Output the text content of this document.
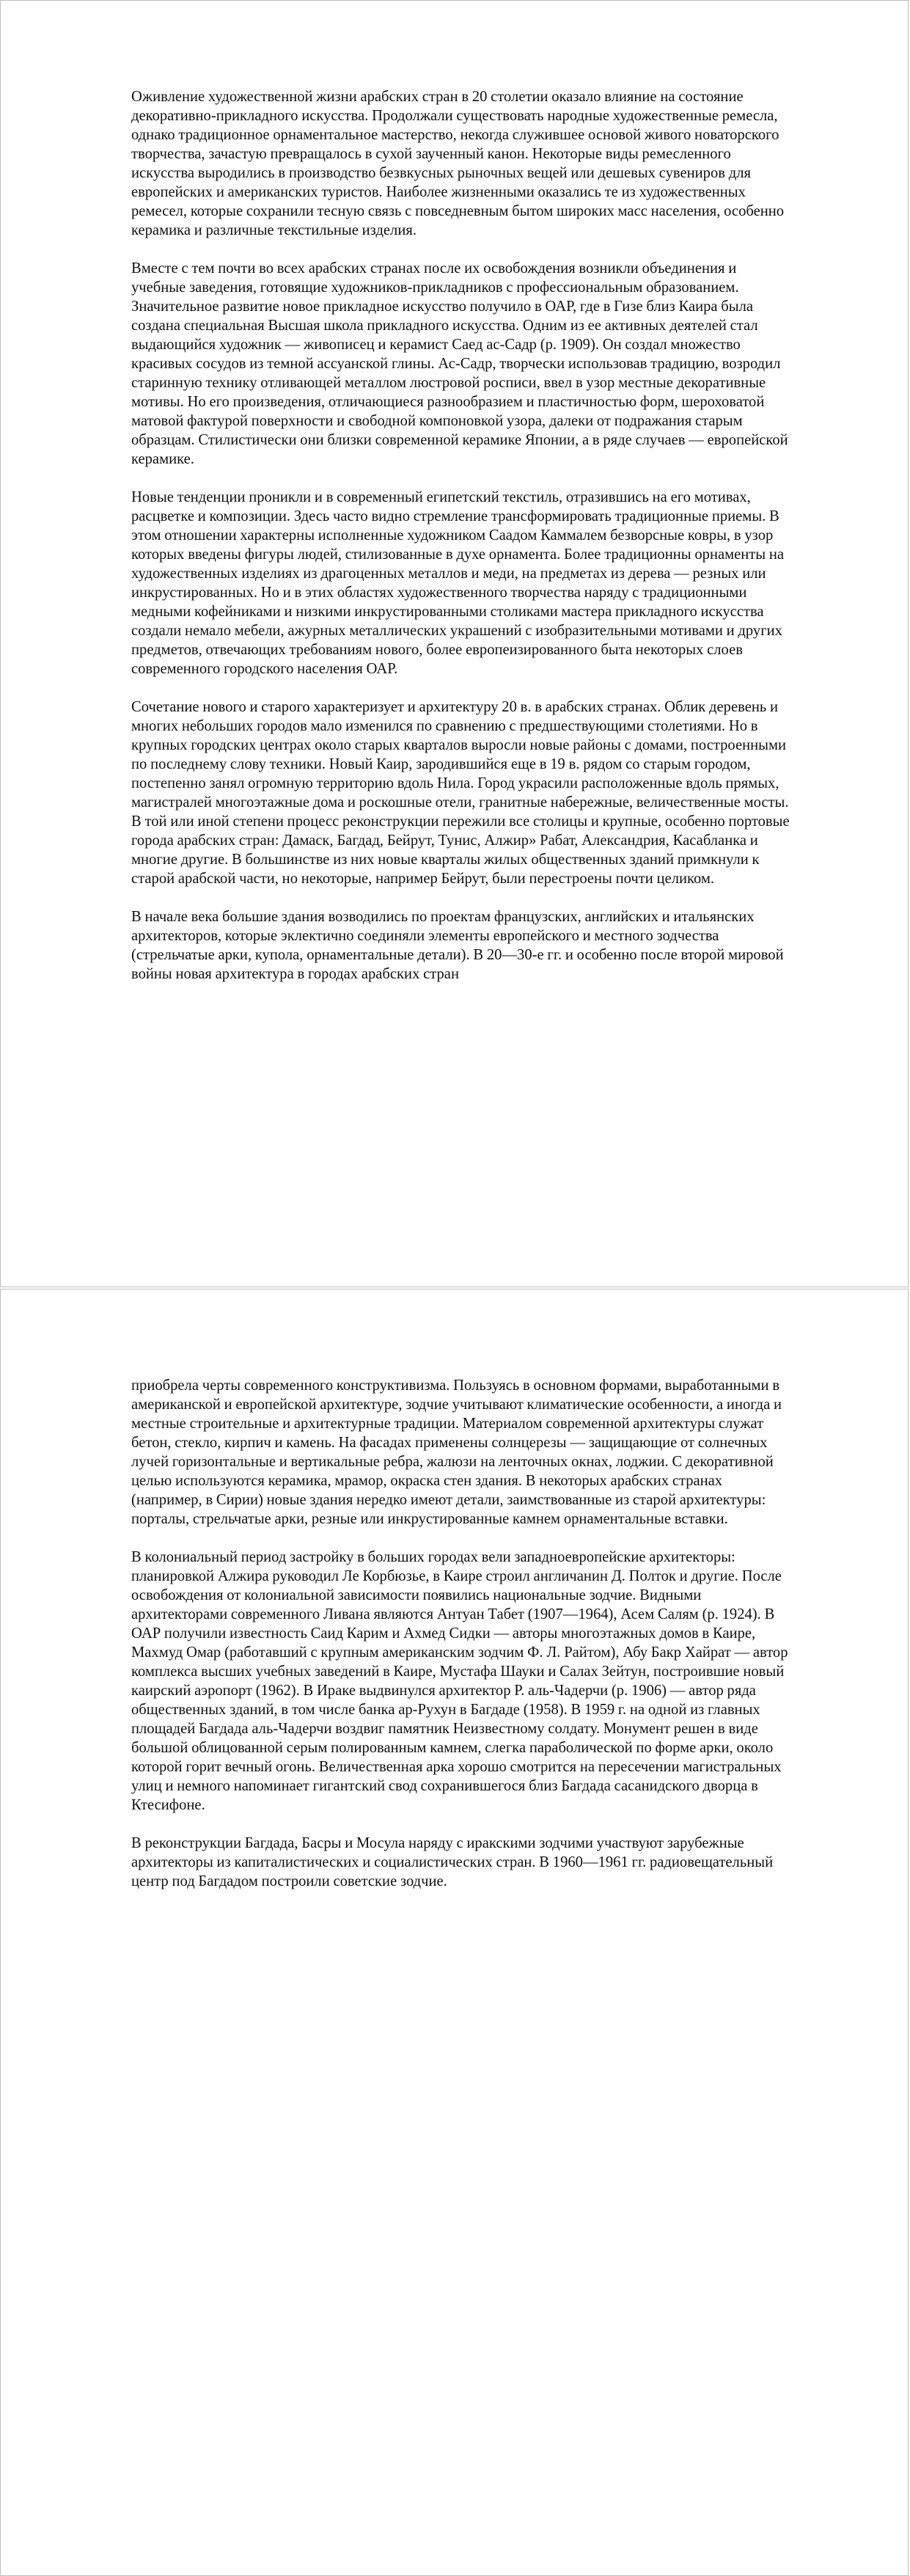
Оживление художественной жизни арабских стран в 20 столетии оказало влияние на состояние декоративно-прикладного искусства. Продолжали существовать народные художественные ремесла, однако традиционное орнаментальное мастерство, некогда служившее основой живого новаторского творчества, зачастую превращалось в сухой заученный канон. Некоторые виды ремесленного искусства выродились в производство безвкусных рыночных вещей или дешевых сувениров для европейских и американских туристов. Наиболее жизненными оказались те из художественных ремесел, которые сохранили тесную связь с повседневным бытом широких масс населения, особенно керамика и различные текстильные изделия.

Вместе с тем почти во всех арабских странах после их освобождения возникли объединения и учебные заведения, готовящие художников-прикладников с профессиональным образованием. Значительное развитие новое прикладное искусство получило в ОАР, где в Гизе близ Каира была создана специальная Высшая школа прикладного искусства. Одним из ее активных деятелей стал выдающийся художник — живописец и керамист Саед ас-Садр (р. 1909). Он создал множество красивых сосудов из темной ассуанской глины. Ас-Садр, творчески использовав традицию, возродил старинную технику отливающей металлом люстровой росписи, ввел в узор местные декоративные мотивы. Но его произведения, отличающиеся разнообразием и пластичностью форм, шероховатой матовой фактурой поверхности и свободной компоновкой узора, далеки от подражания старым образцам. Стилистически они близки современной керамике Японии, а в ряде случаев — европейской керамике.

Новые тенденции проникли и в современный египетский текстиль, отразившись на его мотивах, расцветке и композиции. Здесь часто видно стремление трансформировать традиционные приемы. В этом отношении характерны исполненные художником Саадом Каммалем безворсные ковры, в узор которых введены фигуры людей, стилизованные в духе орнамента. Более традиционны орнаменты на художественных изделиях из драгоценных металлов и меди, на предметах из дерева — резных или инкрустированных. Но и в этих областях художественного творчества наряду с традиционными медными кофейниками и низкими инкрустированными столиками мастера прикладного искусства создали немало мебели, ажурных металлических украшений с изобразительными мотивами и других предметов, отвечающих требованиям нового, более европеизированного быта некоторых слоев современного городского населения ОАР.

Сочетание нового и старого характеризует и архитектуру 20 в. в арабских странах. Облик деревень и многих небольших городов мало изменился по сравнению с предшествующими столетиями. Но в крупных городских центрах около старых кварталов выросли новые районы с домами, построенными по последнему слову техники. Новый Каир, зародившийся еще в 19 в. рядом со старым городом, постепенно занял огромную территорию вдоль Нила. Город украсили расположенные вдоль прямых, магистралей многоэтажные дома и роскошные отели, гранитные набережные, величественные мосты. В той или иной степени процесс реконструкции пережили все столицы и крупные, особенно портовые города арабских стран: Дамаск, Багдад, Бейрут, Тунис, Алжир» Рабат, Александрия, Касабланка и многие другие. В большинстве из них новые кварталы жилых общественных зданий примкнули к старой арабской части, но некоторые, например Бейрут, были перестроены почти целиком.

В начале века большие здания возводились по проектам французских, английских и итальянских архитекторов, которые эклектично соединяли элементы европейского и местного зодчества (стрельчатые арки, купола, орнаментальные детали). В 20—30-е гг. и особенно после второй мировой войны новая архитектура в городах арабских стран

приобрела черты современного конструктивизма. Пользуясь в основном формами, выработанными в американской и европейской архитектуре, зодчие учитывают климатические особенности, а иногда и местные строительные и архитектурные традиции. Материалом современной архитектуры служат бетон, стекло, кирпич и камень. На фасадах применены солнцерезы — защищающие от солнечных лучей горизонтальные и вертикальные ребра, жалюзи на ленточных окнах, лоджии. С декоративной целью используются керамика, мрамор, окраска стен здания. В некоторых арабских странах (например, в Сирии) новые здания нередко имеют детали, заимствованные из старой архитектуры: порталы, стрельчатые арки, резные или инкрустированные камнем орнаментальные вставки.

В колониальный период застройку в больших городах вели западноевропейские архитекторы: планировкой Алжира руководил Ле Корбюзье, в Каире строил англичанин Д. Полток и другие. После освобождения от колониальной зависимости появились национальные зодчие. Видными архитекторами современного Ливана являются Антуан Табет (1907—1964), Асем Салям (р. 1924). В ОАР получили известность Саид Карим и Ахмед Сидки — авторы многоэтажных домов в Каире, Махмуд Омар (работавший с крупным американским зодчим Ф. Л. Райтом), Абу Бакр Хайрат — автор комплекса высших учебных заведений в Каире, Мустафа Шауки и Салах Зейтун, построившие новый каирский аэропорт (1962). В Ираке выдвинулся архитектор Р. аль-Чадерчи (р. 1906) — автор ряда общественных зданий, в том числе банка ар-Рухун в Багдаде (1958). В 1959 г. на одной из главных площадей Багдада аль-Чадерчи воздвиг памятник Неизвестному солдату. Монумент решен в виде большой облицованной серым полированным камнем, слегка параболической по форме арки, около которой горит вечный огонь. Величественная арка хорошо смотрится на пересечении магистральных улиц и немного напоминает гигантский свод сохранившегося близ Багдада сасанидского дворца в Ктесифоне.

В реконструкции Багдада, Басры и Мосула наряду с иракскими зодчими участвуют зарубежные архитекторы из капиталистических и социалистических стран. В 1960—1961 гг. радиовещательный центр под Багдадом построили советские зодчие.
